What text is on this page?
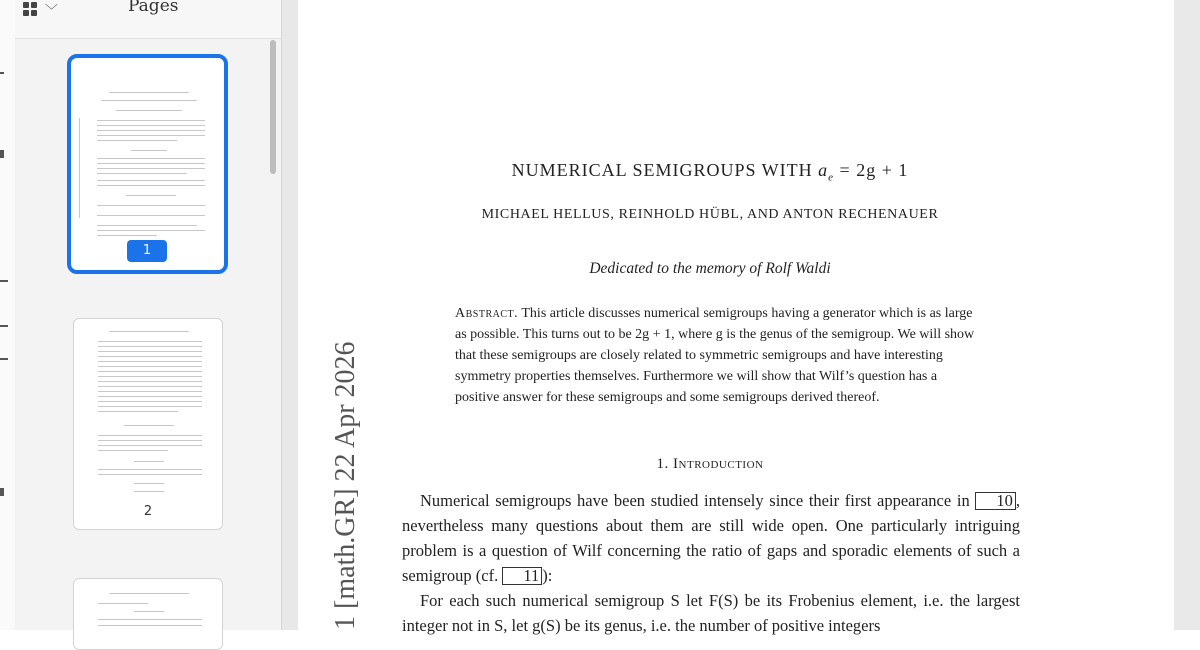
﹀	Pages
1
2	1 [math.GR] 22 Apr 2026
NUMERICAL SEMIGROUPS WITH $a_e = 2g + 1$
MICHAEL HELLUS, REINHOLD HÜBL, AND ANTON RECHENAUER
Dedicated to the memory of Rolf Waldi
Abstract. This article discusses numerical semigroups having a generator which is as large as possible. This turns out to be 2g + 1, where g is the genus of the semigroup. We will show that these semigroups are closely related to symmetric semigroups and have interesting symmetry properties themselves. Furthermore we will show that Wilf’s question has a positive answer for these semigroups and some semigroups derived thereof.
1. Introduction
Numerical semigroups have been studied intensely since their first appearance in 10 , nevertheless many questions about them are still wide open. One particularly intriguing problem is a question of Wilf concerning the ratio of gaps and sporadic elements of such a semigroup (cf. 11 ):
For each such numerical semigroup S let F(S) be its Frobenius element, i.e. the largest integer not in S, let g(S) be its genus, i.e. the number of positive integers
